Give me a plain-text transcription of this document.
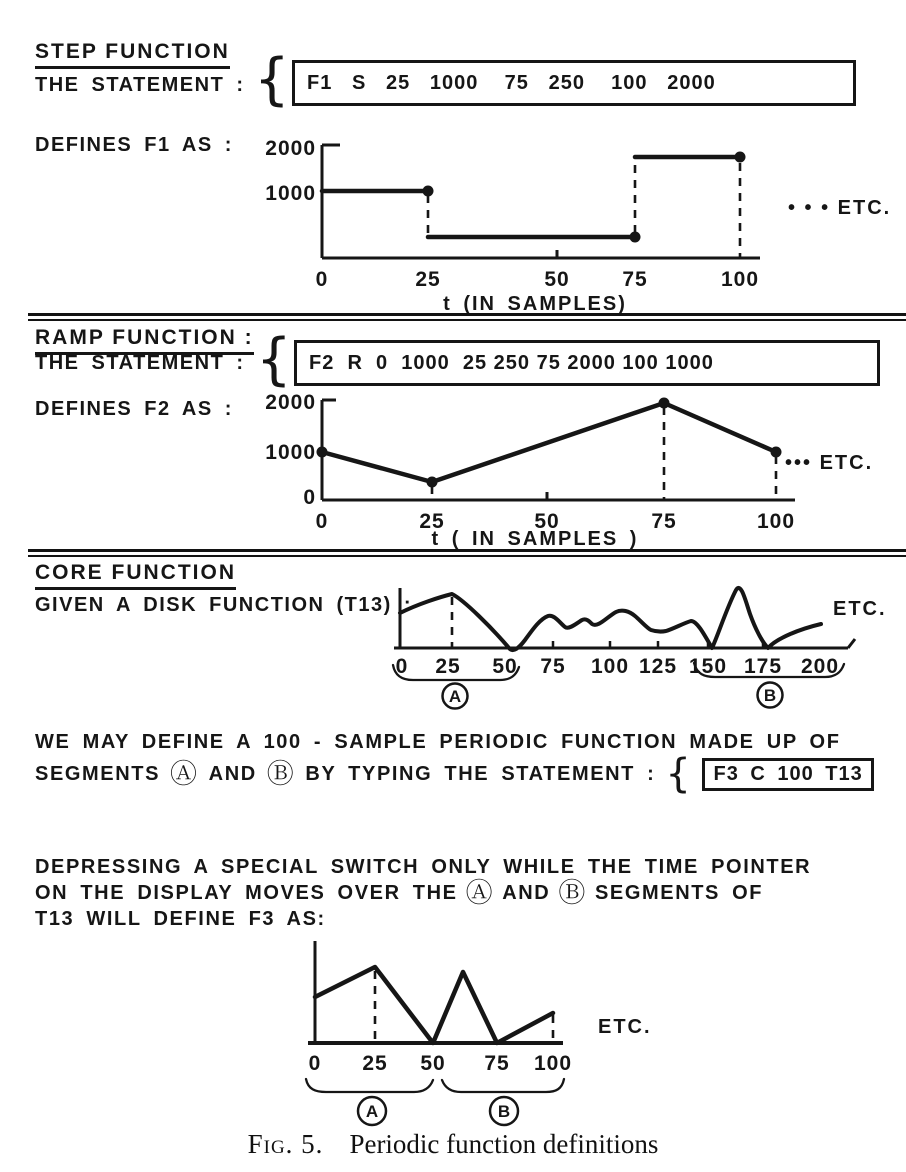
STEP FUNCTION
THE STATEMENT : { F1   S   25   1000    75   250    100   2000
DEFINES F1 AS : 2000
1000
0	25	50	75	100
t (IN SAMPLES)
• • • ETC.
RAMP FUNCTION :
THE STATEMENT : { F2  R  0  1000  25 250 75 2000 100 1000
DEFINES F2 AS : 2000
1000
0
0	25	50	75	100
t ( IN SAMPLES )
••• ETC.
CORE FUNCTION
GIVEN A DISK FUNCTION (T13) :
0 25 50 75 100 125 150 175 200
A	B
ETC.
WE MAY DEFINE A 100 - SAMPLE PERIODIC FUNCTION MADE UP OF
SEGMENTS Ⓐ AND Ⓑ BY TYPING THE STATEMENT : { F3 C 100 T13
DEPRESSING A SPECIAL SWITCH ONLY WHILE THE TIME POINTER
ON THE DISPLAY MOVES OVER THE Ⓐ AND Ⓑ SEGMENTS OF
T13 WILL DEFINE F3 AS:
0 25 50 75 100
A	B
ETC.
Fig. 5. Periodic function definitions
